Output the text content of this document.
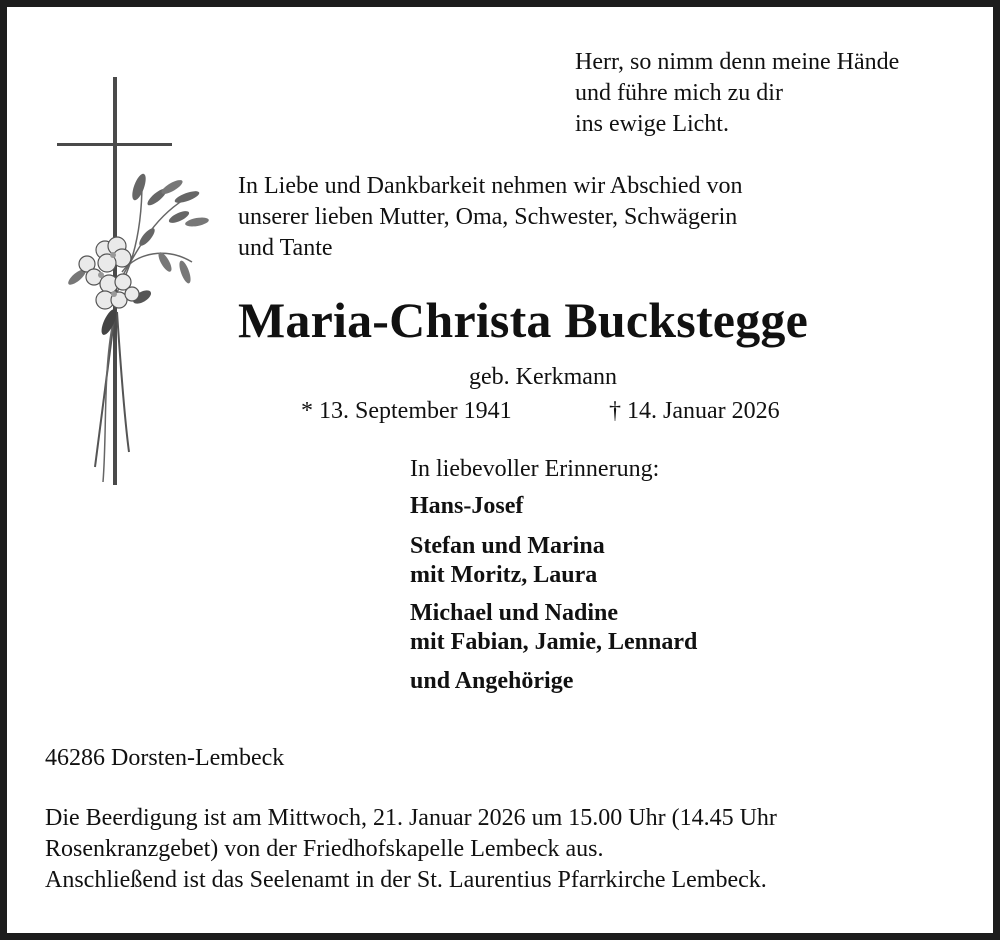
Herr, so nimm denn meine Hände
und führe mich zu dir
ins ewige Licht.
In Liebe und Dankbarkeit nehmen wir Abschied von
unserer lieben Mutter, Oma, Schwester, Schwägerin
und Tante
Maria-Christa Buckstegge
geb. Kerkmann
* 13. September 1941	† 14. Januar 2026
In liebevoller Erinnerung:
Hans-Josef
Stefan und Marina
mit Moritz, Laura
Michael und Nadine
mit Fabian, Jamie, Lennard
und Angehörige
46286 Dorsten-Lembeck
Die Beerdigung ist am Mittwoch, 21. Januar 2026 um 15.00 Uhr (14.45 Uhr
Rosenkranzgebet) von der Friedhofskapelle Lembeck aus.
Anschließend ist das Seelenamt in der St. Laurentius Pfarrkirche Lembeck.
